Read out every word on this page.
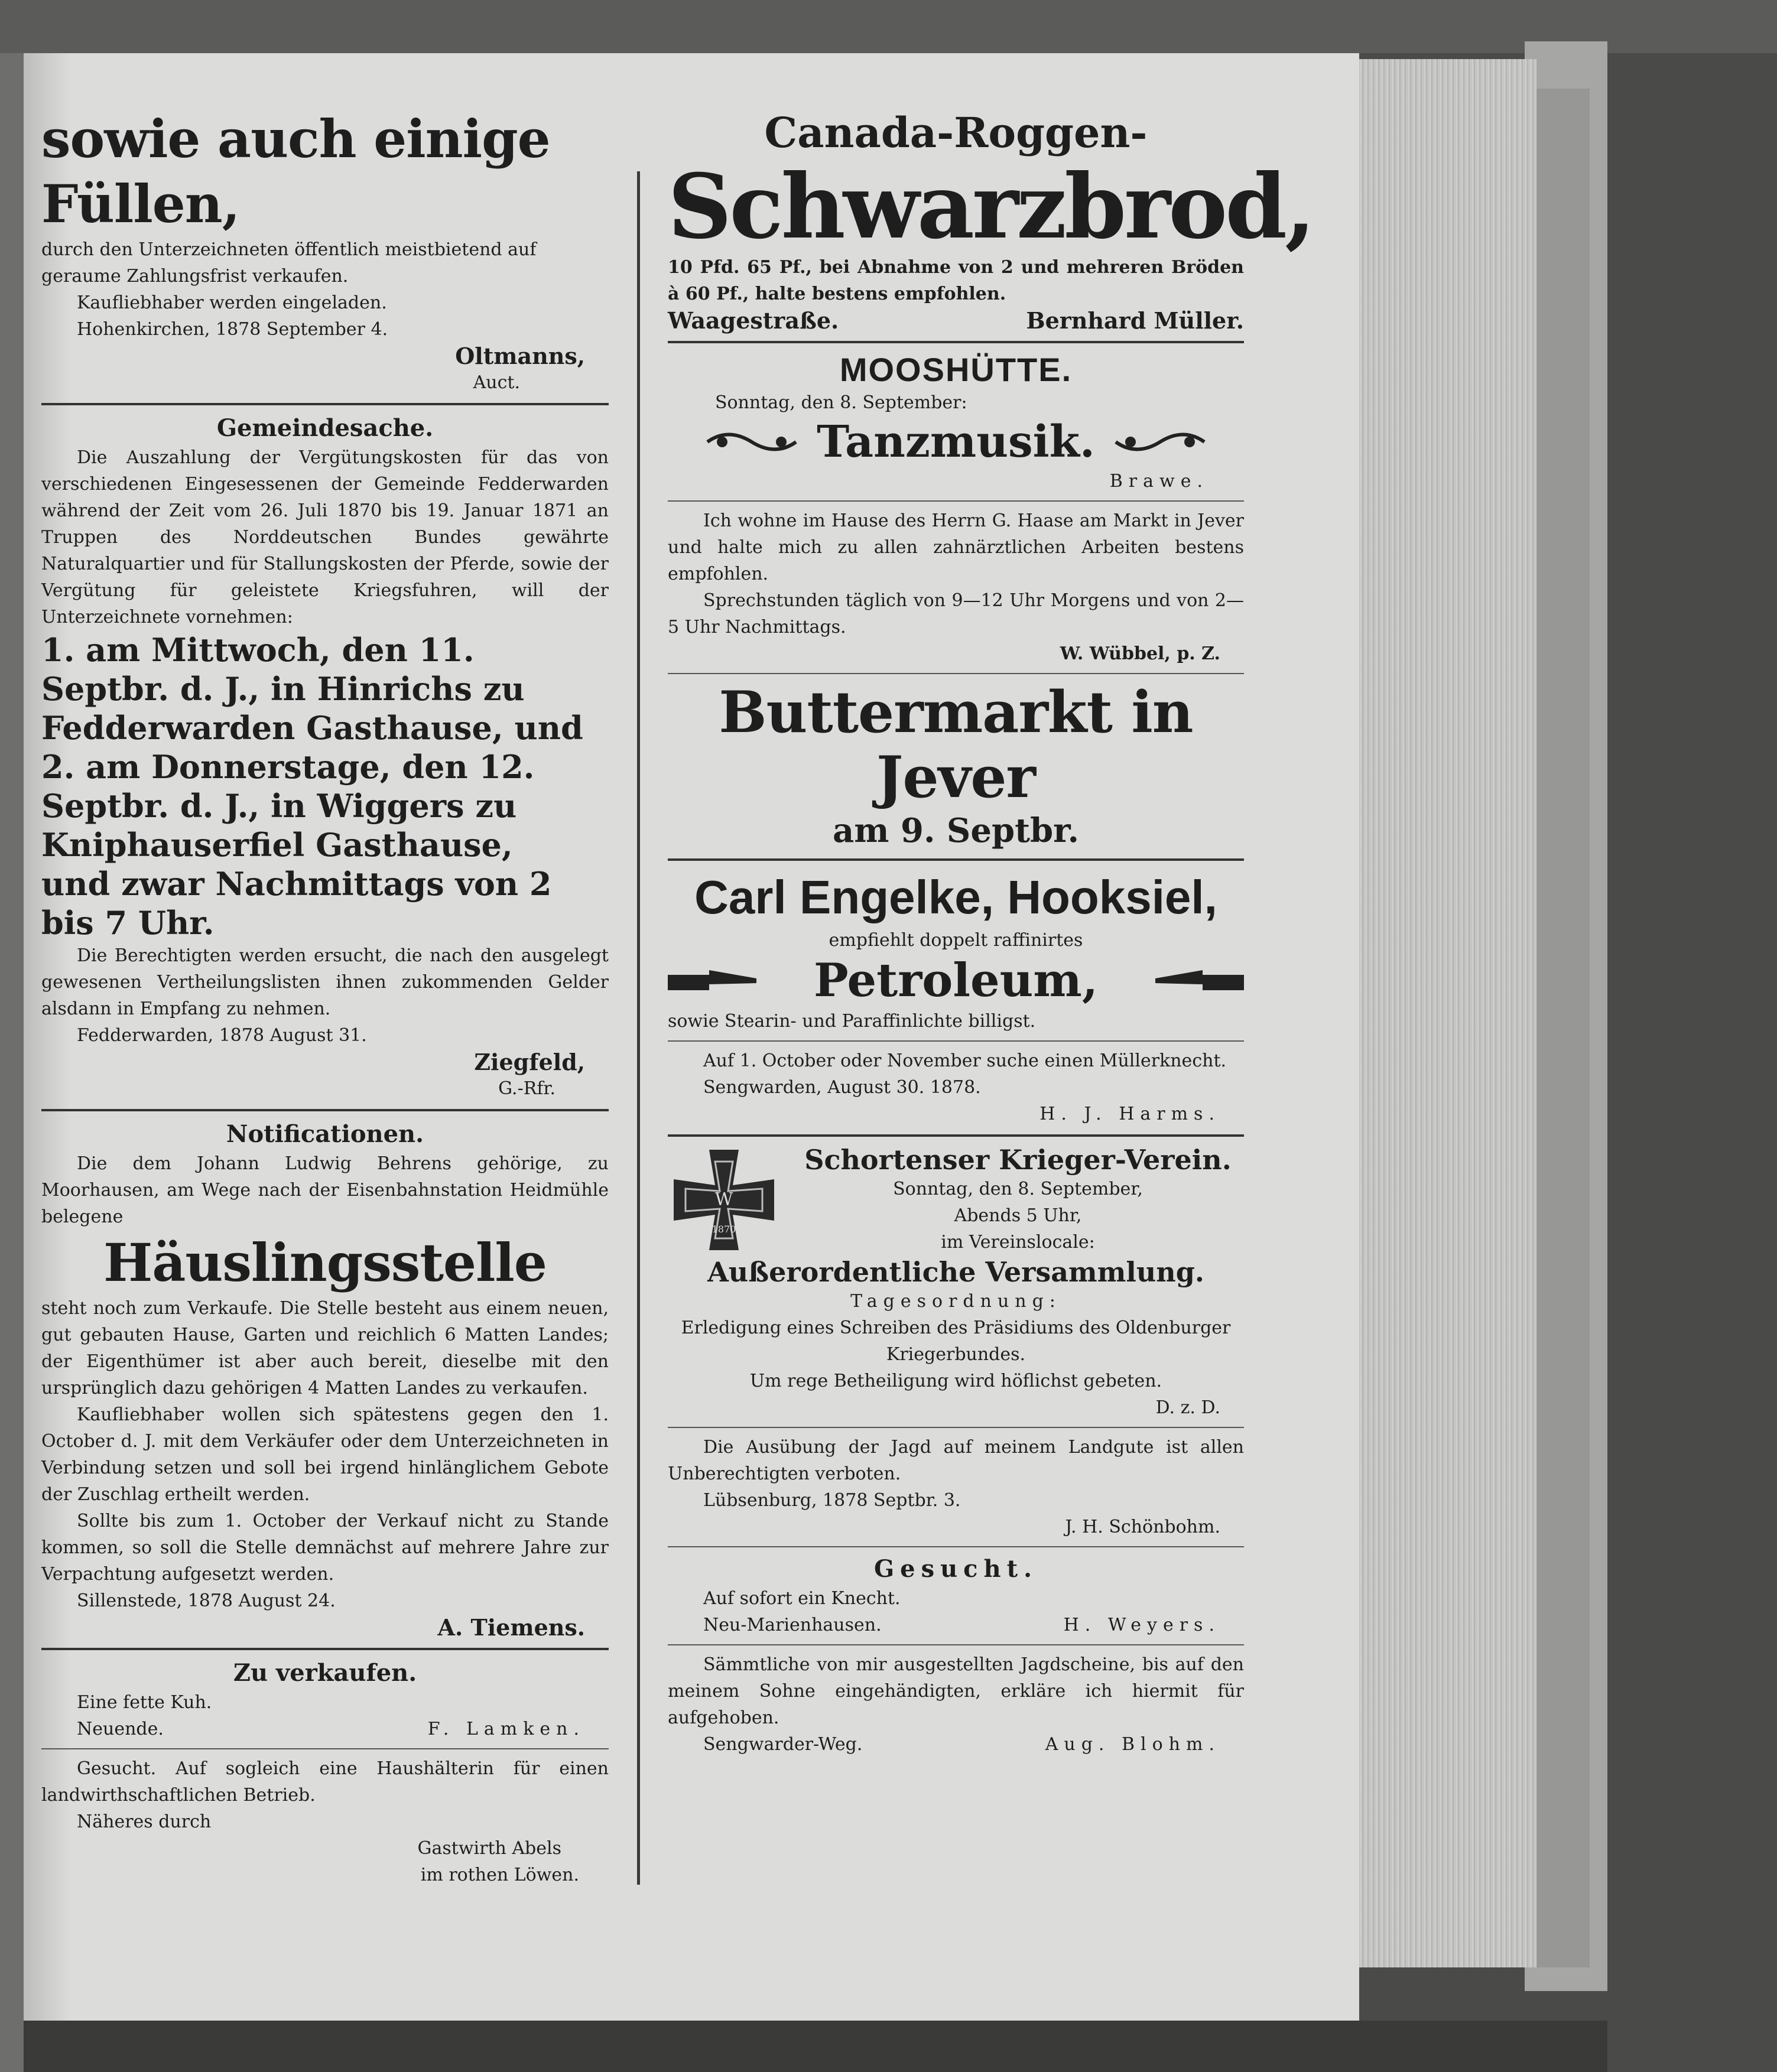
sowie auch einige Füllen,

durch den Unterzeichneten öffentlich meistbietend auf

geraume Zahlungsfrist verkaufen.

Kaufliebhaber werden eingeladen.

Hohenkirchen, 1878 September 4.

Oltmanns,

Auct.

Gemeindesache.

Die Auszahlung der Vergütungskosten für das von verschiedenen Eingesessenen der Gemeinde Fedderwarden während der Zeit vom 26. Juli 1870 bis 19. Januar 1871 an Truppen des Norddeutschen Bundes gewährte Naturalquartier und für Stallungskosten der Pferde, sowie der Vergütung für geleistete Kriegsfuhren, will der Unterzeichnete vornehmen:

1. am Mittwoch, den 11. Septbr. d. J., in Hinrichs zu Fedderwarden Gasthause, und

2. am Donnerstage, den 12. Septbr. d. J., in Wiggers zu Kniphauserfiel Gasthause,

und zwar Nachmittags von 2 bis 7 Uhr.

Die Berechtigten werden ersucht, die nach den ausgelegt gewesenen Vertheilungslisten ihnen zukommenden Gelder alsdann in Empfang zu nehmen.

Fedderwarden, 1878 August 31.

Ziegfeld,

G.-Rfr.

Notificationen.

Die dem Johann Ludwig Behrens gehörige, zu Moorhausen, am Wege nach der Eisenbahnstation Heidmühle belegene

Häuslingsstelle

steht noch zum Verkaufe. Die Stelle besteht aus einem neuen, gut gebauten Hause, Garten und reichlich 6 Matten Landes; der Eigenthümer ist aber auch bereit, dieselbe mit den ursprünglich dazu gehörigen 4 Matten Landes zu verkaufen.

Kaufliebhaber wollen sich spätestens gegen den 1. October d. J. mit dem Verkäufer oder dem Unterzeichneten in Verbindung setzen und soll bei irgend hinlänglichem Gebote der Zuschlag ertheilt werden.

Sollte bis zum 1. October der Verkauf nicht zu Stande kommen, so soll die Stelle demnächst auf mehrere Jahre zur Verpachtung aufgesetzt werden.

Sillenstede, 1878 August 24.

A. Tiemens.

Zu verkaufen.

Eine fette Kuh.

Neuende.	F. Lamken.

Gesucht. Auf sogleich eine Haushälterin für einen landwirthschaftlichen Betrieb.

Näheres durch

Gastwirth Abels

im rothen Löwen.

Canada-Roggen-

Schwarzbrod,

10 Pfd. 65 Pf., bei Abnahme von 2 und mehreren Bröden à 60 Pf., halte bestens empfohlen.

Waagestraße.	Bernhard Müller.

MOOSHÜTTE.

Sonntag, den 8. September:

Tanzmusik.

Brawe.

Ich wohne im Hause des Herrn G. Haase am Markt in Jever und halte mich zu allen zahnärztlichen Arbeiten bestens empfohlen.

Sprechstunden täglich von 9—12 Uhr Morgens und von 2—5 Uhr Nachmittags.

W. Wübbel, p. Z.

Buttermarkt in Jever

am 9. Septbr.

Carl Engelke, Hooksiel,

empfiehlt doppelt raffinirtes

Petroleum,

sowie Stearin- und Paraffinlichte billigst.

Auf 1. October oder November suche einen Müllerknecht.

Sengwarden, August 30. 1878.

H. J. Harms.

W
1870

Schortenser Krieger-Verein.

Sonntag, den 8. September,

Abends 5 Uhr,

im Vereinslocale:

Außerordentliche Versammlung.

Tagesordnung:

Erledigung eines Schreiben des Präsidiums des Oldenburger Kriegerbundes.

Um rege Betheiligung wird höflichst gebeten.

D. z. D.

Die Ausübung der Jagd auf meinem Landgute ist allen Unberechtigten verboten.

Lübsenburg, 1878 Septbr. 3.

J. H. Schönbohm.

Gesucht.

Auf sofort ein Knecht.

Neu-Marienhausen.	H. Weyers.

Sämmtliche von mir ausgestellten Jagdscheine, bis auf den meinem Sohne eingehändigten, erkläre ich hiermit für aufgehoben.

Sengwarder-Weg.	Aug. Blohm.
